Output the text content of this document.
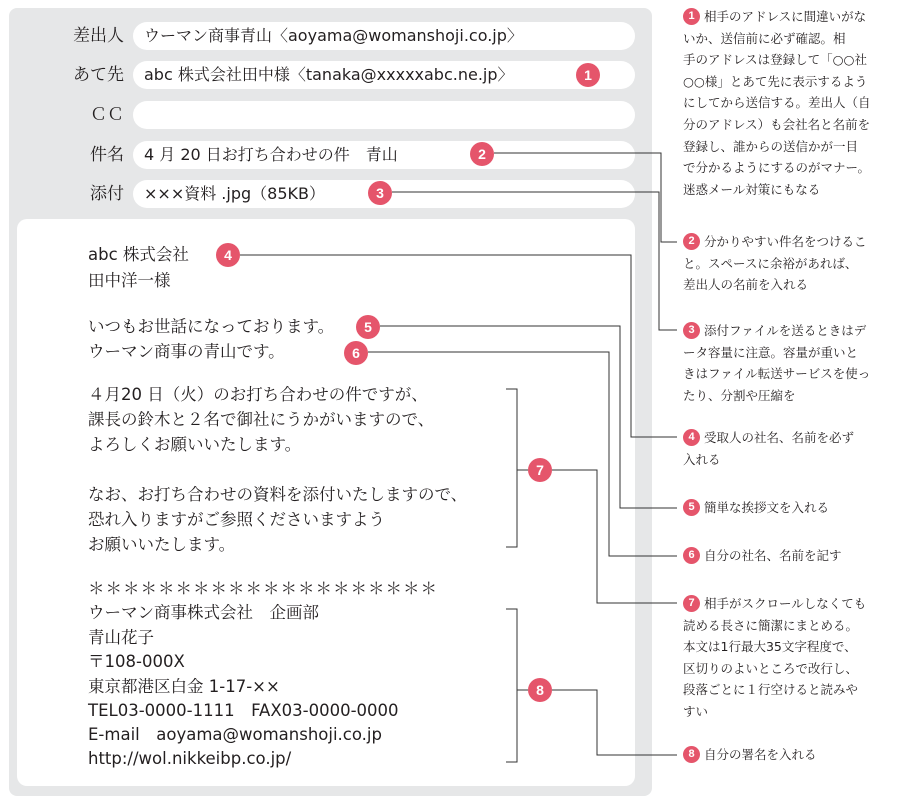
差出人	ウーマン商事青山〈aoyama@womanshoji.co.jp〉
あて先	abc 株式会社田中様〈tanaka@xxxxxabc.ne.jp〉
ＣＣ
件名	4 月 20 日お打ち合わせの件　青山
添付	×××資料 .jpg（85KB）
abc 株式会社
田中洋一様
いつもお世話になっております。
ウーマン商事の青山です。
４月20 日（火）のお打ち合わせの件ですが、
課長の鈴木と２名で御社にうかがいますので、
よろしくお願いいたします。
なお、お打ち合わせの資料を添付いたしますので、
恐れ入りますがご参照くださいますよう
お願いいたします。
＊＊＊＊＊＊＊＊＊＊＊＊＊＊＊＊＊＊＊＊
ウーマン商事株式会社　企画部
青山花子
〒108-000X
東京都港区白金 1-17-××
TEL03-0000-1111　FAX03-0000-0000
E-mail　aoyama@womanshoji.co.jp
http://wol.nikkeibp.co.jp/
1
2
3
4
5
6
7
8
相手のアドレスに間違いがな
いか、送信前に必ず確認。相
手のアドレスは登録して「○○社
○○様」とあて先に表示するよう
にしてから送信する。差出人（自
分のアドレス）も会社名と名前を
登録し、誰からの送信かが一目
で分かるようにするのがマナー。
迷惑メール対策にもなる
1
分かりやすい件名をつけるこ
と。スペースに余裕があれば、
差出人の名前を入れる
2
添付ファイルを送るときはデ
ータ容量に注意。容量が重いと
きはファイル転送サービスを使っ
たり、分割や圧縮を
3
受取人の社名、名前を必ず
入れる
4
簡単な挨拶文を入れる
5
自分の社名、名前を記す
6
相手がスクロールしなくても
読める長さに簡潔にまとめる。
本文は1行最大35文字程度で、
区切りのよいところで改行し、
段落ごとに１行空けると読みや
すい
7
自分の署名を入れる
8
